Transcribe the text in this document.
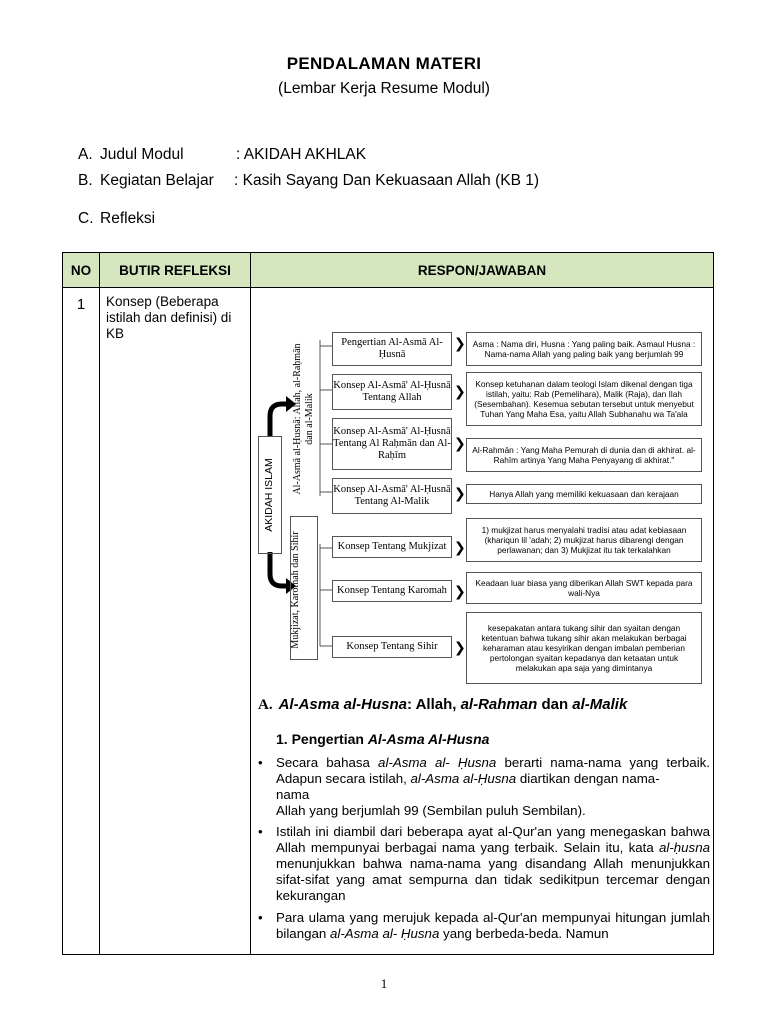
PENDALAMAN MATERI
(Lembar Kerja Resume Modul)
A. Judul Modul	: AKIDAH AKHLAK
B. Kegiatan Belajar : Kasih Sayang Dan Kekuasaan Allah (KB 1)
C. Refleksi
NO	BUTIR REFLEKSI	RESPON/JAWABAN
1	Konsep (Beberapa istilah dan definisi) di KB	
AKIDAH ISLAM
Al-Asmā al-Ḥusnā: Allah, al-Raḥmān dan al-Malik
Mukjizat, Karomah dan Sihir
Pengertian Al-Asmā Al-Ḥusnā
Konsep Al-Asmā' Al-Ḥusnā Tentang Allah
Konsep Al-Asmā' Al-Ḥusnā Tentang Al Raḥmān dan Al-Raḥīm
Konsep Al-Asmā' Al-Ḥusnā Tentang Al-Malik
Konsep Tentang Mukjizat
Konsep Tentang Karomah
Konsep Tentang Sihir
❯
❯
❯
❯
❯
❯
❯
Asma : Nama diri, Husna : Yang paling baik. Asmaul Husna : Nama-nama Allah yang paling baik yang berjumlah 99
Konsep ketuhanan dalam teologi Islam dikenal dengan tiga istilah, yaitu: Rab (Pemelihara), Malik (Raja), dan Ilah (Sesembahan). Kesemua sebutan tersebut untuk menyebut Tuhan Yang Maha Esa, yaitu Allah Subhanahu wa Ta'ala
Al-Rahmān : Yang Maha Pemurah di dunia dan di akhirat. al-Rahīm artinya Yang Maha Penyayang di akhirat."
Hanya Allah yang memiliki kekuasaan dan kerajaan
1) mukjizat harus menyalahi tradisi atau adat kebiasaan (khariqun lil 'adah; 2) mukjizat harus dibarengi dengan perlawanan; dan 3) Mukjizat itu tak terkalahkan
Keadaan luar biasa yang diberikan Allah SWT kepada para wali-Nya
kesepakatan antara tukang sihir dan syaitan dengan ketentuan bahwa tukang sihir akan melakukan berbagai keharaman atau kesyirikan dengan imbalan pemberian pertolongan syaitan kepadanya dan ketaatan untuk melakukan apa saja yang dimintanya
A. Al-Asma al-Husna: Allah, al-Rahman dan al-Malik
1. Pengertian Al-Asma Al-Husna
• Secara bahasa al-Asma al- Ḥusna berarti nama-nama yang terbaik.
Adapun secara istilah, al-Asma al-Ḥusna diartikan dengan nama-
nama
Allah yang berjumlah 99 (Sembilan puluh Sembilan).
• Istilah ini diambil dari beberapa ayat al-Qur'an yang menegaskan bahwa Allah mempunyai berbagai nama yang terbaik. Selain itu, kata al-ḥusna menunjukkan bahwa nama-nama yang disandang Allah menunjukkan sifat-sifat yang amat sempurna dan tidak sedikitpun tercemar dengan kekurangan
• Para ulama yang merujuk kepada al-Qur'an mempunyai hitungan jumlah bilangan al-Asma al- Ḥusna yang berbeda-beda. Namun
1
